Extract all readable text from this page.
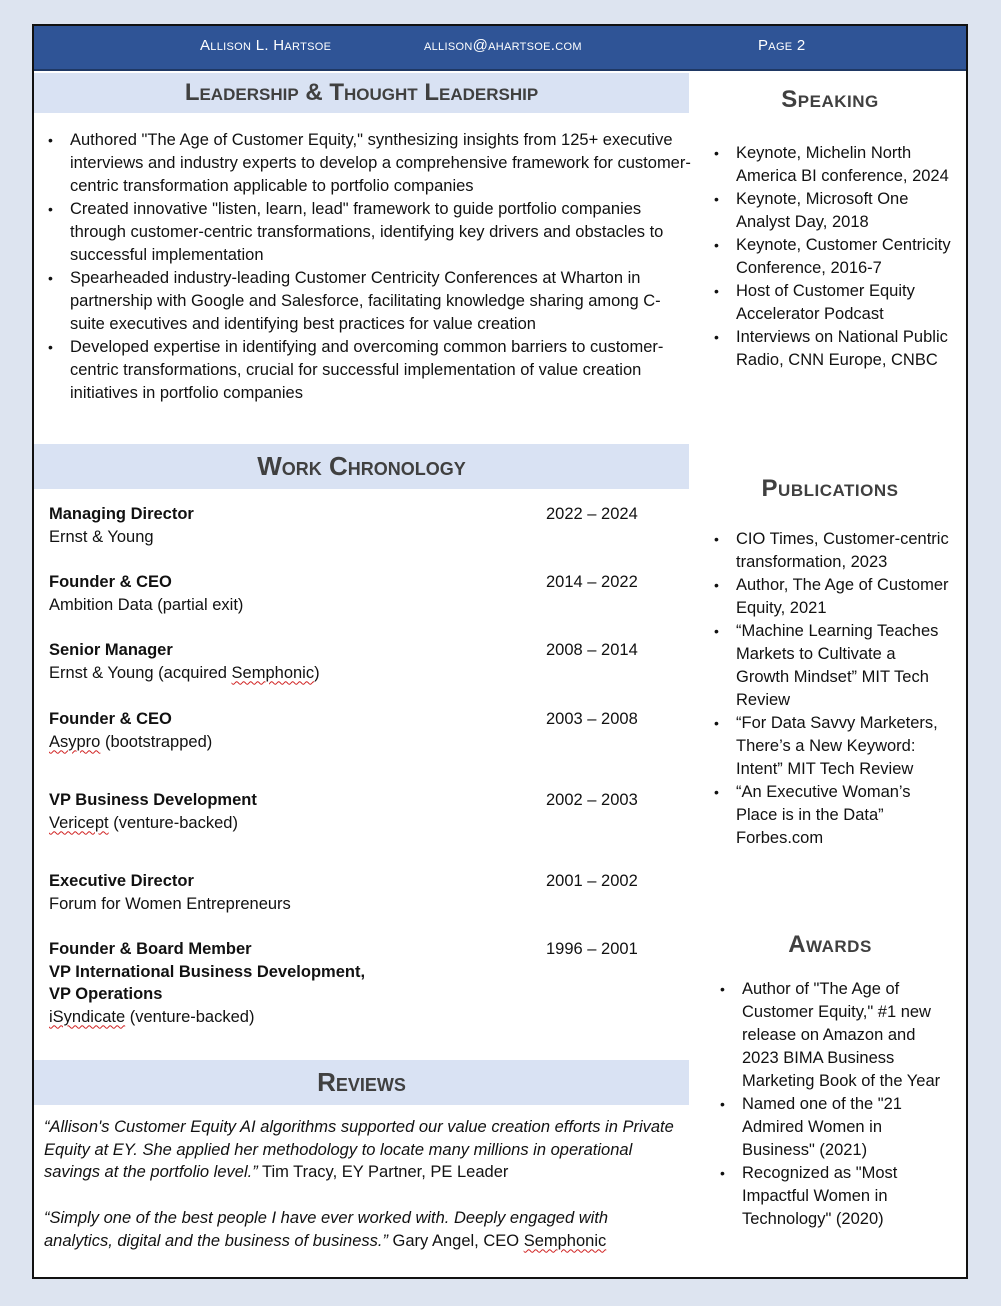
Allison L. Hartsoe	allison@ahartsoe.com	Page 2
Leadership & Thought Leadership
• Authored "The Age of Customer Equity," synthesizing insights from 125+ executive interviews and industry experts to develop a comprehensive framework for customer-centric transformation applicable to portfolio companies
• Created innovative "listen, learn, lead" framework to guide portfolio companies through customer-centric transformations, identifying key drivers and obstacles to successful implementation
• Spearheaded industry-leading Customer Centricity Conferences at Wharton in partnership with Google and Salesforce, facilitating knowledge sharing among C-suite executives and identifying best practices for value creation
• Developed expertise in identifying and overcoming common barriers to customer-centric transformations, crucial for successful implementation of value creation initiatives in portfolio companies
Work Chronology
Managing Director
Ernst & Young
2022 – 2024
Founder & CEO
Ambition Data (partial exit)
2014 – 2022
Senior Manager
Ernst & Young (acquired Semphonic)
2008 – 2014
Founder & CEO
Asypro (bootstrapped)
2003 – 2008
VP Business Development
Vericept (venture-backed)
2002 – 2003
Executive Director
Forum for Women Entrepreneurs
2001 – 2002
Founder & Board Member
VP International Business Development,
VP Operations
iSyndicate (venture-backed)
1996 – 2001
Reviews
“Allison's Customer Equity AI algorithms supported our value creation efforts in Private Equity at EY. She applied her methodology to locate many millions in operational savings at the portfolio level.” Tim Tracy, EY Partner, PE Leader
“Simply one of the best people I have ever worked with. Deeply engaged with analytics, digital and the business of business.” Gary Angel, CEO Semphonic
Speaking
• Keynote, Michelin North America BI conference, 2024
• Keynote, Microsoft One Analyst Day, 2018
• Keynote, Customer Centricity Conference, 2016-7
• Host of Customer Equity Accelerator Podcast
• Interviews on National Public Radio, CNN Europe, CNBC
Publications
• CIO Times, Customer-centric transformation, 2023
• Author, The Age of Customer Equity, 2021
• “Machine Learning Teaches Markets to Cultivate a Growth Mindset” MIT Tech Review
• “For Data Savvy Marketers, There’s a New Keyword: Intent” MIT Tech Review
• “An Executive Woman’s Place is in the Data” Forbes.com
Awards
• Author of "The Age of Customer Equity," #1 new release on Amazon and 2023 BIMA Business Marketing Book of the Year
• Named one of the "21 Admired Women in Business" (2021)
• Recognized as "Most Impactful Women in Technology" (2020)
